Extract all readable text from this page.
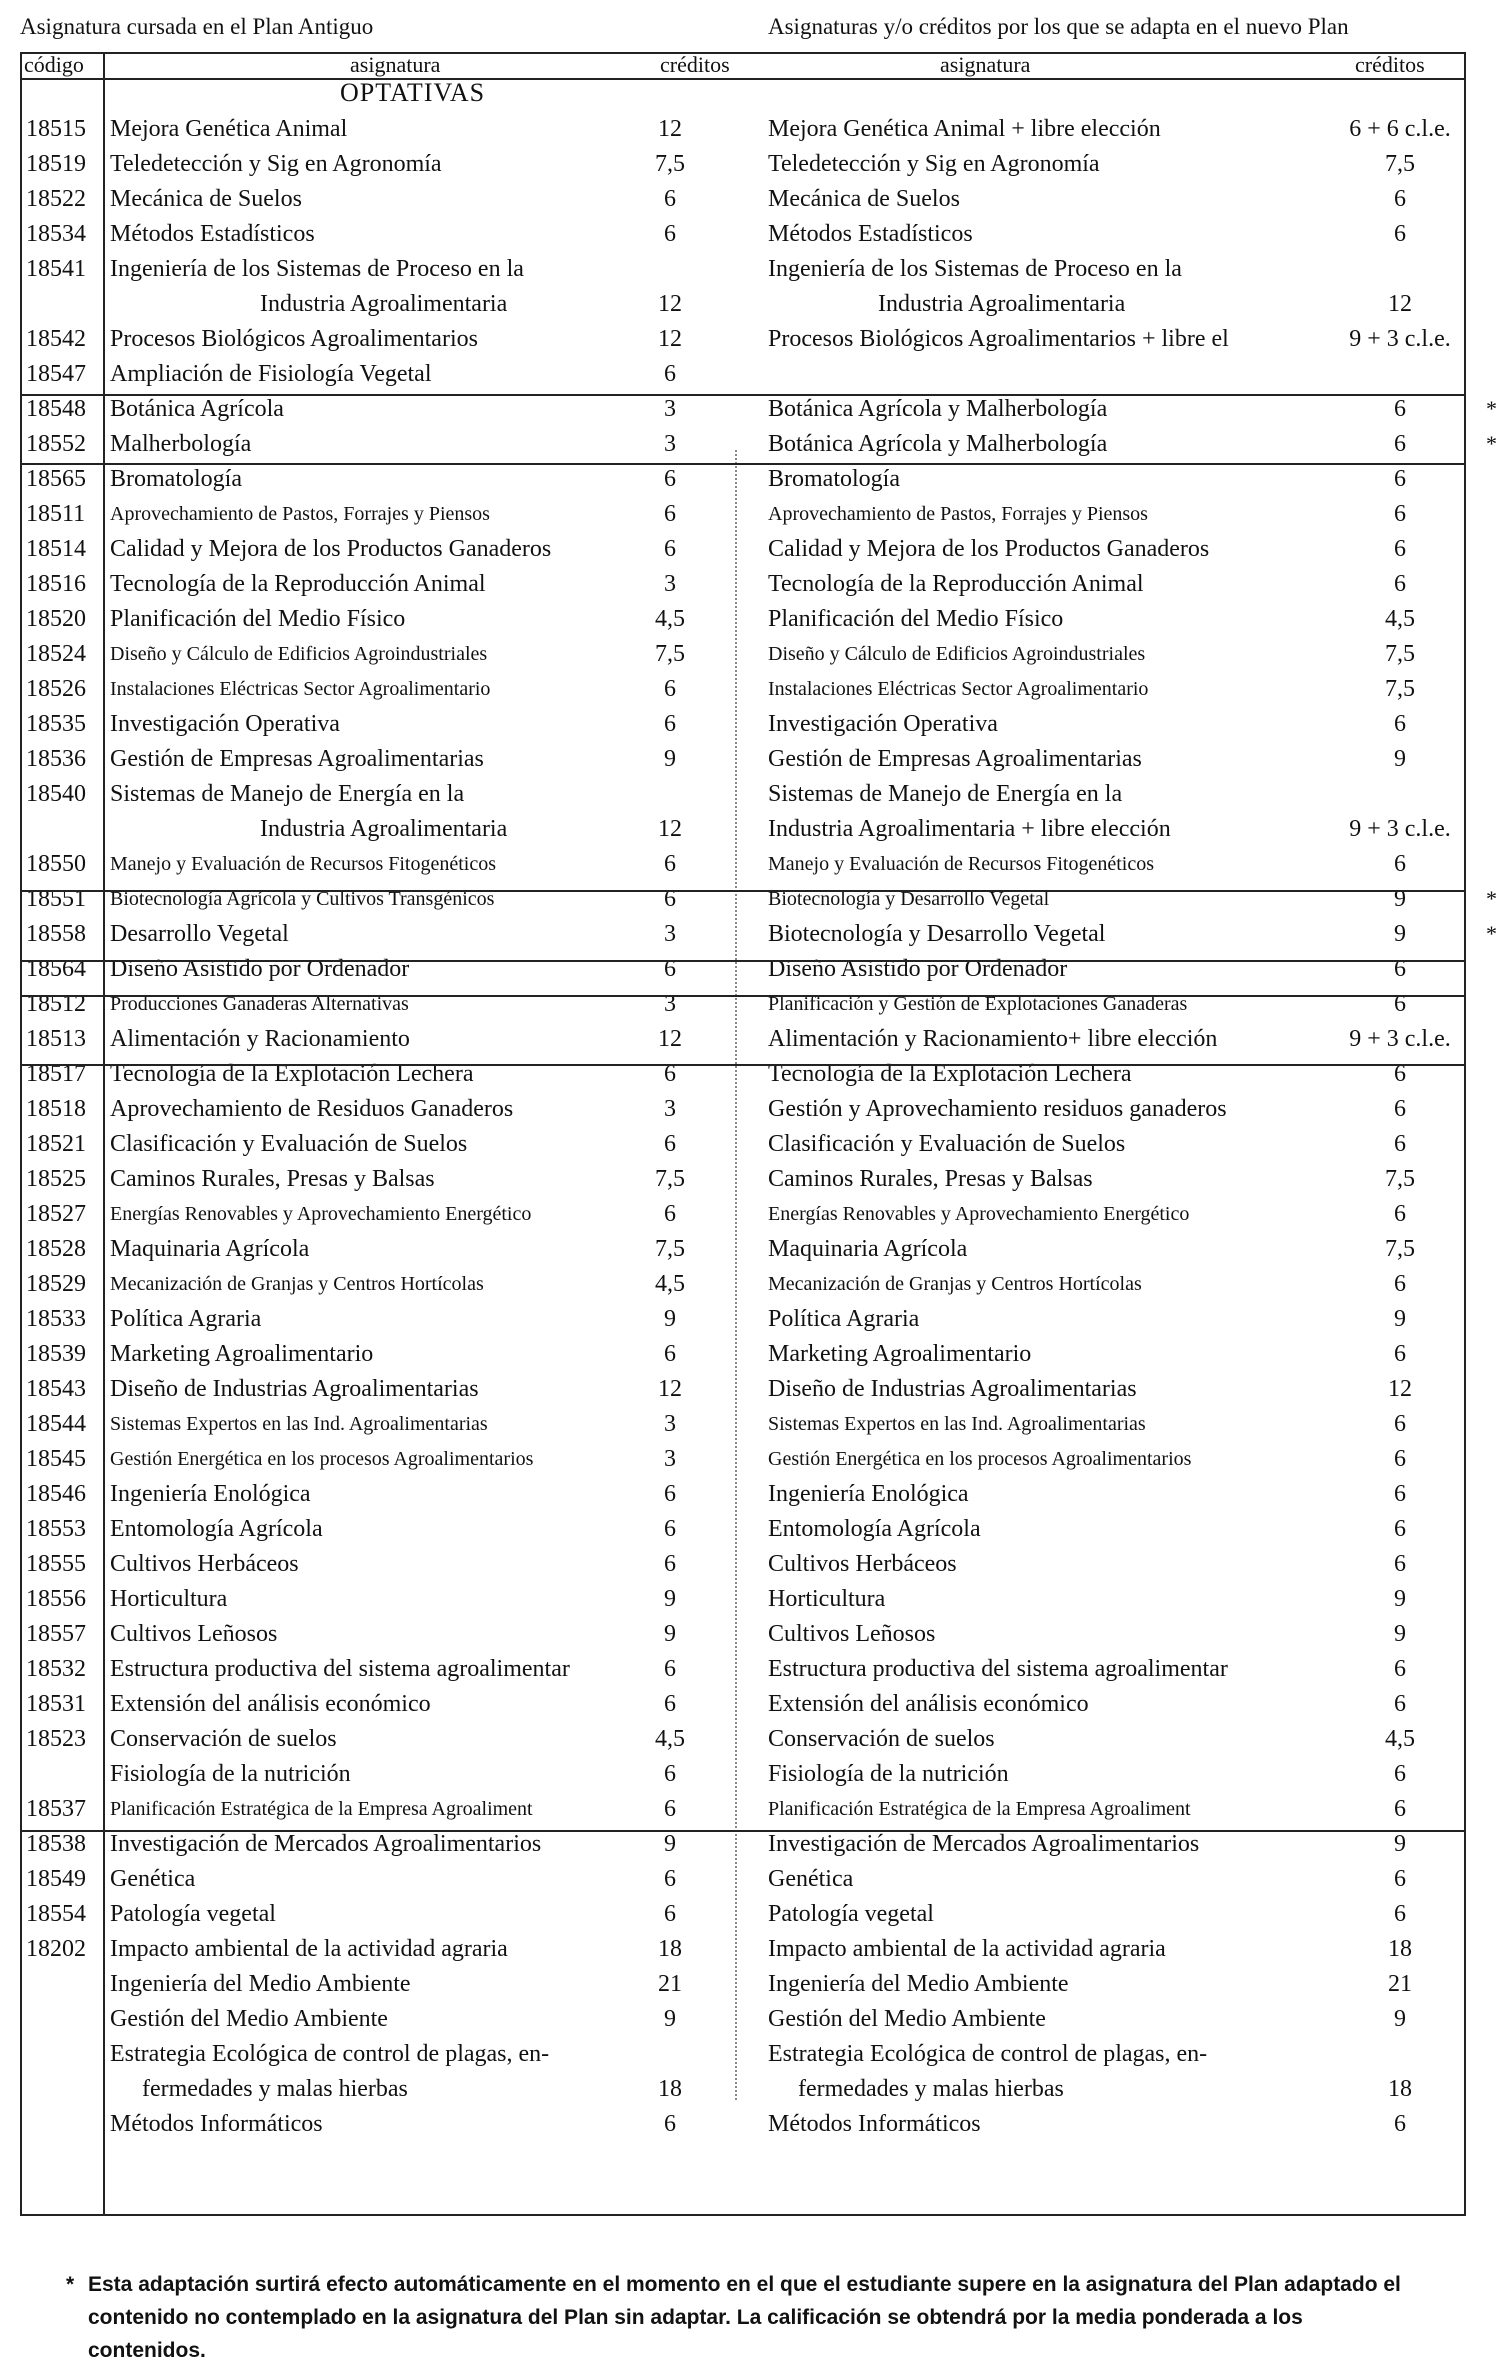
Asignatura cursada en el Plan Antiguo	Asignaturas y/o créditos por los que se adapta en el nuevo Plan
código	asignatura	créditos	asignatura	créditos
OPTATIVAS
18515	Mejora Genética Animal	12	Mejora Genética Animal + libre elección	6 + 6 c.l.e.
18519	Teledetección y Sig en Agronomía	7,5	Teledetección y Sig en Agronomía	7,5
18522	Mecánica de Suelos	6	Mecánica de Suelos	6
18534	Métodos Estadísticos	6	Métodos Estadísticos	6
18541	Ingeniería de los Sistemas de Proceso en la	Ingeniería de los Sistemas de Proceso en la
Industria Agroalimentaria	12	Industria Agroalimentaria	12
18542	Procesos Biológicos Agroalimentarios	12	Procesos Biológicos Agroalimentarios + libre el	9 + 3 c.l.e.
18547	Ampliación de Fisiología Vegetal	6
18548	Botánica Agrícola	3	Botánica Agrícola y Malherbología	6	*
18552	Malherbología	3	Botánica Agrícola y Malherbología	6	*
18565	Bromatología	6	Bromatología	6
18511	Aprovechamiento de Pastos, Forrajes y Piensos	6	Aprovechamiento de Pastos, Forrajes y Piensos	6
18514	Calidad y Mejora de los Productos Ganaderos	6	Calidad y Mejora de los Productos Ganaderos	6
18516	Tecnología de la Reproducción Animal	3	Tecnología de la Reproducción Animal	6
18520	Planificación del Medio Físico	4,5	Planificación del Medio Físico	4,5
18524	Diseño y Cálculo de Edificios Agroindustriales	7,5	Diseño y Cálculo de Edificios Agroindustriales	7,5
18526	Instalaciones Eléctricas Sector Agroalimentario	6	Instalaciones Eléctricas Sector Agroalimentario	7,5
18535	Investigación Operativa	6	Investigación Operativa	6
18536	Gestión de Empresas Agroalimentarias	9	Gestión de Empresas Agroalimentarias	9
18540	Sistemas de Manejo de Energía en la	Sistemas de Manejo de Energía en la
Industria Agroalimentaria	12	Industria Agroalimentaria + libre elección	9 + 3 c.l.e.
18550	Manejo y Evaluación de Recursos Fitogenéticos	6	Manejo y Evaluación de Recursos Fitogenéticos	6
18551	Biotecnología Agrícola y Cultivos Transgénicos	6	Biotecnología y Desarrollo Vegetal	9	*
18558	Desarrollo Vegetal	3	Biotecnología y Desarrollo Vegetal	9	*
18564	Diseño Asistido por Ordenador	6	Diseño Asistido por Ordenador	6
18512	Producciones Ganaderas Alternativas	3	Planificación y Gestión de Explotaciones Ganaderas	6
18513	Alimentación y Racionamiento	12	Alimentación y Racionamiento+ libre elección	9 + 3 c.l.e.
18517	Tecnología de la Explotación Lechera	6	Tecnología de la Explotación Lechera	6
18518	Aprovechamiento de Residuos Ganaderos	3	Gestión y Aprovechamiento residuos ganaderos	6
18521	Clasificación y Evaluación de Suelos	6	Clasificación y Evaluación de Suelos	6
18525	Caminos Rurales, Presas y Balsas	7,5	Caminos Rurales, Presas y Balsas	7,5
18527	Energías Renovables y Aprovechamiento Energético	6	Energías Renovables y Aprovechamiento Energético	6
18528	Maquinaria Agrícola	7,5	Maquinaria Agrícola	7,5
18529	Mecanización de Granjas y Centros Hortícolas	4,5	Mecanización de Granjas y Centros Hortícolas	6
18533	Política Agraria	9	Política Agraria	9
18539	Marketing Agroalimentario	6	Marketing Agroalimentario	6
18543	Diseño de Industrias Agroalimentarias	12	Diseño de Industrias Agroalimentarias	12
18544	Sistemas Expertos en las Ind. Agroalimentarias	3	Sistemas Expertos en las Ind. Agroalimentarias	6
18545	Gestión Energética en los procesos Agroalimentarios	3	Gestión Energética en los procesos Agroalimentarios	6
18546	Ingeniería Enológica	6	Ingeniería Enológica	6
18553	Entomología Agrícola	6	Entomología Agrícola	6
18555	Cultivos Herbáceos	6	Cultivos Herbáceos	6
18556	Horticultura	9	Horticultura	9
18557	Cultivos Leñosos	9	Cultivos Leñosos	9
18532	Estructura productiva del sistema agroalimentar	6	Estructura productiva del sistema agroalimentar	6
18531	Extensión del análisis económico	6	Extensión del análisis económico	6
18523	Conservación de suelos	4,5	Conservación de suelos	4,5
Fisiología de la nutrición	6	Fisiología de la nutrición	6
18537	Planificación Estratégica de la Empresa Agroaliment	6	Planificación Estratégica de la Empresa Agroaliment	6
18538	Investigación de Mercados Agroalimentarios	9	Investigación de Mercados Agroalimentarios	9
18549	Genética	6	Genética	6
18554	Patología vegetal	6	Patología vegetal	6
18202	Impacto ambiental de la actividad agraria	18	Impacto ambiental de la actividad agraria	18
Ingeniería del Medio Ambiente	21	Ingeniería del Medio Ambiente	21
Gestión del Medio Ambiente	9	Gestión del Medio Ambiente	9
Estrategia Ecológica de control de plagas, en-	Estrategia Ecológica de control de plagas, en-
fermedades y malas hierbas	18	fermedades y malas hierbas	18
Métodos Informáticos	6	Métodos Informáticos	6
* Esta adaptación surtirá efecto automáticamente en el momento en el que el estudiante supere en la asignatura del Plan adaptado el contenido no contemplado en la asignatura del Plan sin adaptar. La calificación se obtendrá por la media ponderada a los contenidos.
